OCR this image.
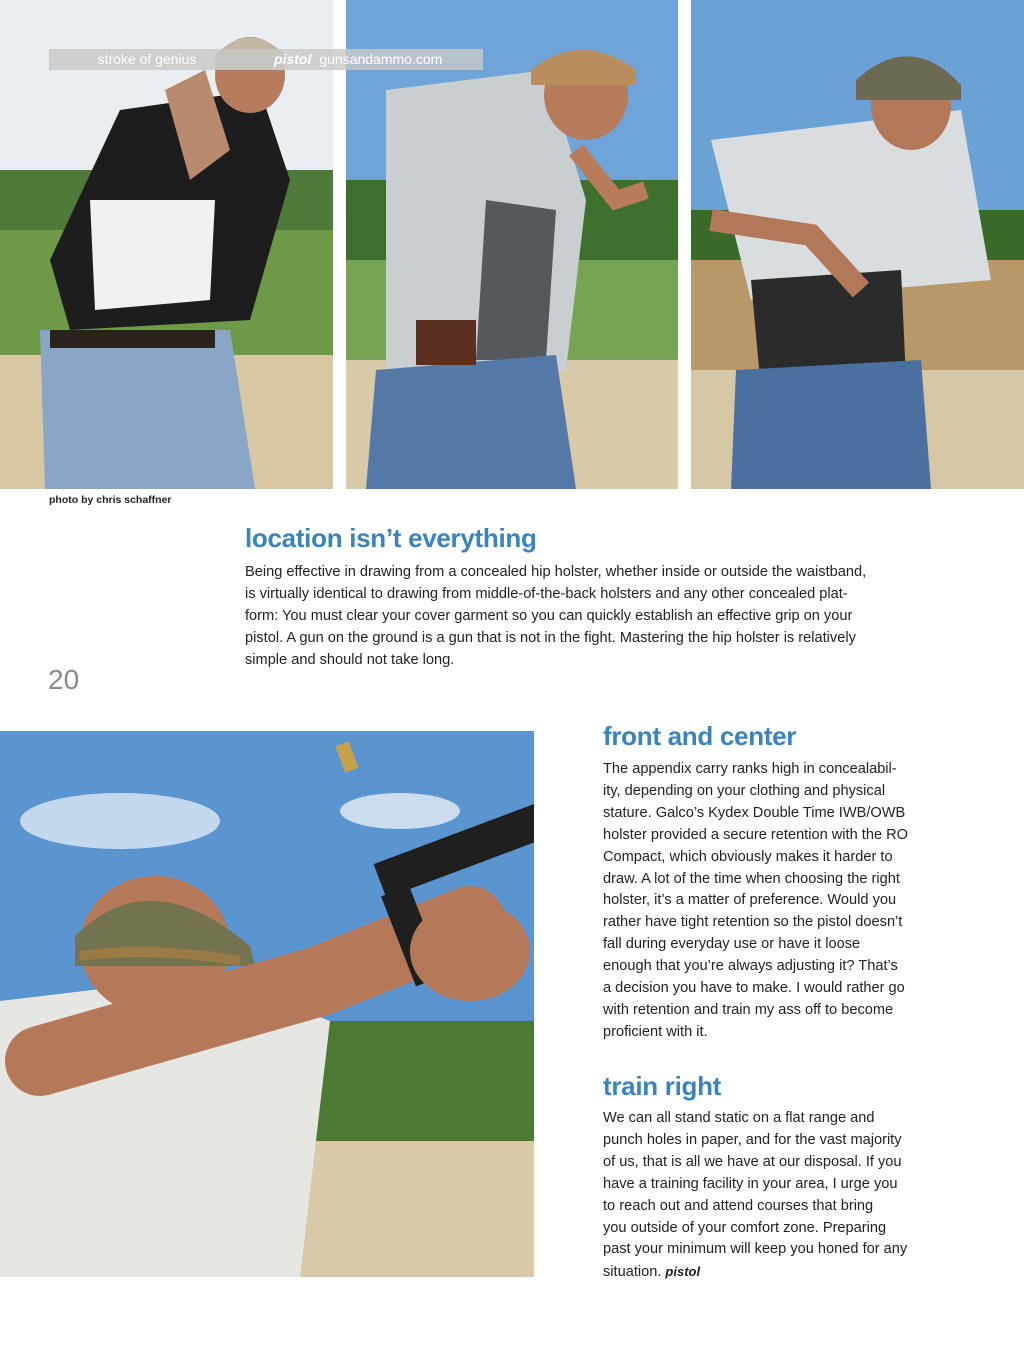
stroke of genius	pistol gunsandammo.com
photo by chris schaffner
location isn’t everything
Being effective in drawing from a concealed hip holster, whether inside or outside the waistband,
is virtually identical to drawing from middle-of-the-back holsters and any other concealed plat-
form: You must clear your cover garment so you can quickly establish an effective grip on your
pistol. A gun on the ground is a gun that is not in the fight. Mastering the hip holster is relatively
simple and should not take long.
20
front and center
The appendix carry ranks high in concealabil-
ity, depending on your clothing and physical
stature. Galco’s Kydex Double Time IWB/OWB
holster provided a secure retention with the RO
Compact, which obviously makes it harder to
draw. A lot of the time when choosing the right
holster, it’s a matter of preference. Would you
rather have tight retention so the pistol doesn’t
fall during everyday use or have it loose
enough that you’re always adjusting it? That’s
a decision you have to make. I would rather go
with retention and train my ass off to become
proficient with it.
train right
We can all stand static on a flat range and
punch holes in paper, and for the vast majority
of us, that is all we have at our disposal. If you
have a training facility in your area, I urge you
to reach out and attend courses that bring
you outside of your comfort zone. Preparing
past your minimum will keep you honed for any
situation. pistol
